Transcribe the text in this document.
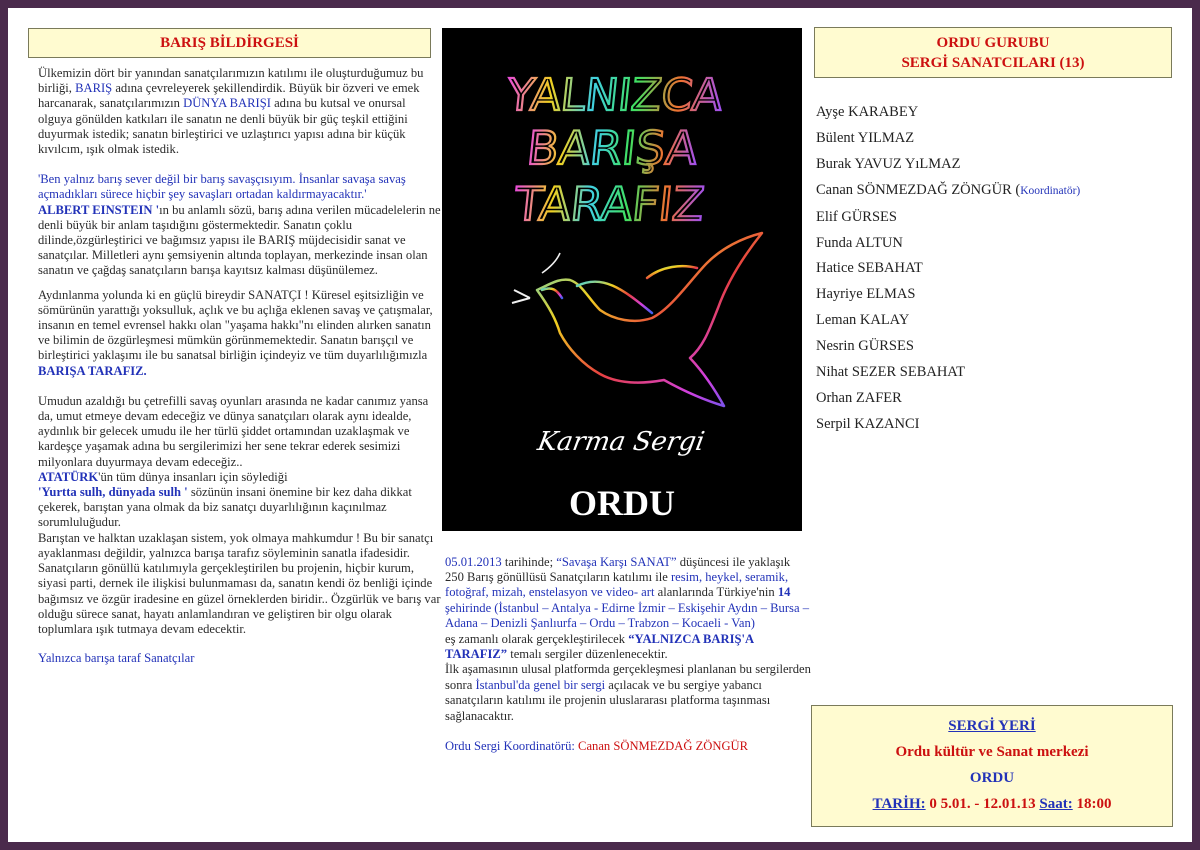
BARIŞ BİLDİRGESİ

Ülkemizin dört bir yanından sanatçılarımızın katılımı ile oluşturduğumuz bu birliği, BARIŞ adına çevreleyerek şekillendirdik. Büyük bir özveri ve emek harcanarak, sanatçılarımızın DÜNYA BARIŞI adına bu kutsal ve onursal olguya gönülden katkıları ile sanatın ne denli büyük bir güç teşkil ettiğini duyurmak istedik; sanatın birleştirici ve uzlaştırıcı yapısı adına bir küçük kıvılcım, ışık olmak istedik.

'Ben yalnız barış sever değil bir barış savaşçısıyım. İnsanlar savaşa savaş açmadıkları sürece hiçbir şey savaşları ortadan kaldırmayacaktır.'

ALBERT EINSTEIN 'ın bu anlamlı sözü, barış adına verilen mücadelelerin ne denli büyük bir anlam taşıdığını göstermektedir. Sanatın çoklu dilinde,özgürleştirici ve bağımsız yapısı ile BARIŞ müjdecisidir sanat ve sanatçılar. Milletleri aynı şemsiyenin altında toplayan, merkezinde insan olan sanatın ve çağdaş sanatçıların barışa kayıtsız kalması düşünülemez.

Aydınlanma yolunda ki en güçlü bireydir SANATÇI ! Küresel eşitsizliğin ve sömürünün yarattığı yoksulluk, açlık ve bu açlığa eklenen savaş ve çatışmalar, insanın en temel evrensel hakkı olan "yaşama hakkı"nı elinden alırken sanatın ve bilimin de özgürleşmesi mümkün görünmemektedir. Sanatın barışçıl ve birleştirici yaklaşımı ile bu sanatsal birliğin içindeyiz ve tüm duyarlılığımızla BARIŞA TARAFIZ.

Umudun azaldığı bu çetrefilli savaş oyunları arasında ne kadar canımız yansa da, umut etmeye devam edeceğiz ve dünya sanatçıları olarak aynı idealde, aydınlık bir gelecek umudu ile her türlü şiddet ortamından uzaklaşmak ve kardeşçe yaşamak adına bu sergilerimizi her sene tekrar ederek sesimizi milyonlara duyurmaya devam edeceğiz..
ATATÜRK'ün tüm dünya insanları için söylediği
'Yurtta sulh, dünyada sulh ' sözünün insani önemine bir kez daha dikkat çekerek, barıştan yana olmak da biz sanatçı duyarlılığının kaçınılmaz sorumluluğudur.
Barıştan ve halktan uzaklaşan sistem, yok olmaya mahkumdur ! Bu bir sanatçı ayaklanması değildir, yalnızca barışa tarafız söyleminin sanatla ifadesidir. Sanatçıların gönüllü katılımıyla gerçekleştirilen bu projenin, hiçbir kurum, siyasi parti, dernek ile ilişkisi bulunmaması da, sanatın kendi öz benliği içinde bağımsız ve özgür iradesine en güzel örneklerden biridir.. Özgürlük ve barış var olduğu sürece sanat, hayatı anlamlandıran ve geliştiren bir olgu olarak toplumlara ışık tutmaya devam edecektir.

Yalnızca barışa taraf Sanatçılar

YALNIZCA
BARIŞA
TARAFIZ
Karma Sergi
ORDU

05.01.2013 tarihinde; “Savaşa Karşı SANAT” düşüncesi ile yaklaşık 250 Barış gönüllüsü Sanatçıların katılımı ile resim, heykel, seramik, fotoğraf, mizah, enstelasyon ve video- art alanlarında Türkiye'nin 14 şehirinde (İstanbul – Antalya - Edirne İzmir – Eskişehir Aydın – Bursa – Adana – Denizli Şanlıurfa – Ordu – Trabzon – Kocaeli - Van)
eş zamanlı olarak gerçekleştirilecek “YALNIZCA BARIŞ'A TARAFIZ” temalı sergiler düzenlenecektir.
İlk aşamasının ulusal platformda gerçekleşmesi planlanan bu sergilerden sonra İstanbul'da genel bir sergi açılacak ve bu sergiye yabancı sanatçıların katılımı ile projenin uluslararası platforma taşınması sağlanacaktır.

Ordu Sergi Koordinatörü: Canan SÖNMEZDAĞ ZÖNGÜR

ORDU GURUBU
SERGİ SANATCILARI (13)
Ayşe KARABEY
Bülent YILMAZ
Burak YAVUZ YıLMAZ
Canan SÖNMEZDAĞ ZÖNGÜR (Koordinatör)
Elif GÜRSES
Funda ALTUN
Hatice SEBAHAT
Hayriye ELMAS
Leman KALAY
Nesrin GÜRSES
Nihat SEZER SEBAHAT
Orhan ZAFER
Serpil KAZANCI
SERGİ YERİ
Ordu kültür ve Sanat merkezi
ORDU
TARİH: 0 5.01. - 12.01.13 Saat: 18:00
